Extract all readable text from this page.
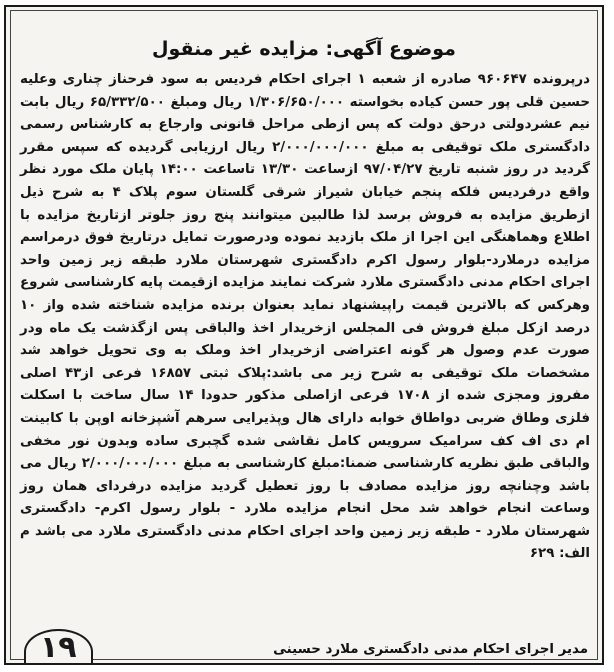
موضوع آگهی: مزایده غیر منقول

درپرونده ۹۶۰۶۴۷ صادره از شعبه ۱ اجرای احکام فردیس به سود فرحناز چناری وعلیه حسین قلی پور حسن کیاده بخواسته ۱/۳۰۶/۶۵۰/۰۰۰ ریال ومبلغ ۶۵/۳۳۲/۵۰۰ ریال بابت نیم عشردولتی درحق دولت که پس ازطی مراحل قانونی وارجاع به کارشناس رسمی دادگستری ملک توقیفی به مبلغ ۲/۰۰۰/۰۰۰/۰۰۰ ریال ارزیابی گردیده که سپس مقرر گردید در روز شنبه تاریخ ۹۷/۰۴/۲۷ ازساعت ۱۳/۳۰ تاساعت ۱۴:۰۰ پایان ملک مورد نظر واقع درفردیس فلکه پنجم خیابان شیراز شرقی گلستان سوم پلاک ۴ به شرح ذیل ازطریق مزایده به فروش برسد لذا طالبین میتوانند پنج روز جلوتر ازتاریخ مزایده با اطلاع وهماهنگی این اجرا از ملک بازدید نموده ودرصورت تمایل درتاریخ فوق درمراسم مزایده درملارد-بلوار رسول اکرم دادگستری شهرستان ملارد طبقه زیر زمین واحد اجرای احکام مدنی دادگستری ملارد شرکت نمایند مزایده ازقیمت پایه کارشناسی شروع وهرکس که بالاترین قیمت راپیشنهاد نماید بعنوان برنده مزایده شناخته شده واز ۱۰ درصد ازکل مبلغ فروش فی المجلس ازخریدار اخذ والباقی پس ازگذشت یک ماه ودر صورت عدم وصول هر گونه اعتراضی ازخریدار اخذ وملک به وی تحویل خواهد شد مشخصات ملک توقیفی به شرح زیر می باشد:پلاک ثبتی ۱۶۸۵۷ فرعی از۴۳ اصلی مفروز ومجزی شده از ۱۷۰۸ فرعی ازاصلی مذکور حدودا ۱۴ سال ساخت با اسکلت فلزی وطاق ضربی دواطاق خوابه دارای هال وپذیرایی سرهم آشپزخانه اوپن با کابینت ام دی اف کف سرامیک سرویس کامل نقاشی شده گچبری ساده وبدون نور مخفی والباقی طبق نظریه کارشناسی ضمنا:مبلغ کارشناسی به مبلغ ۲/۰۰۰/۰۰۰/۰۰۰ ریال می باشد وچنانچه روز مزایده مصادف با روز تعطیل گردید مزایده درفردای همان روز وساعت انجام خواهد شد محل انجام مزایده ملارد - بلوار رسول اکرم- دادگستری شهرستان ملارد - طبقه زیر زمین واحد اجرای احکام مدنی دادگستری ملارد می باشد م الف: ۶۲۹

مدیر اجرای احکام مدنی دادگستری ملارد حسینی

۱۹
